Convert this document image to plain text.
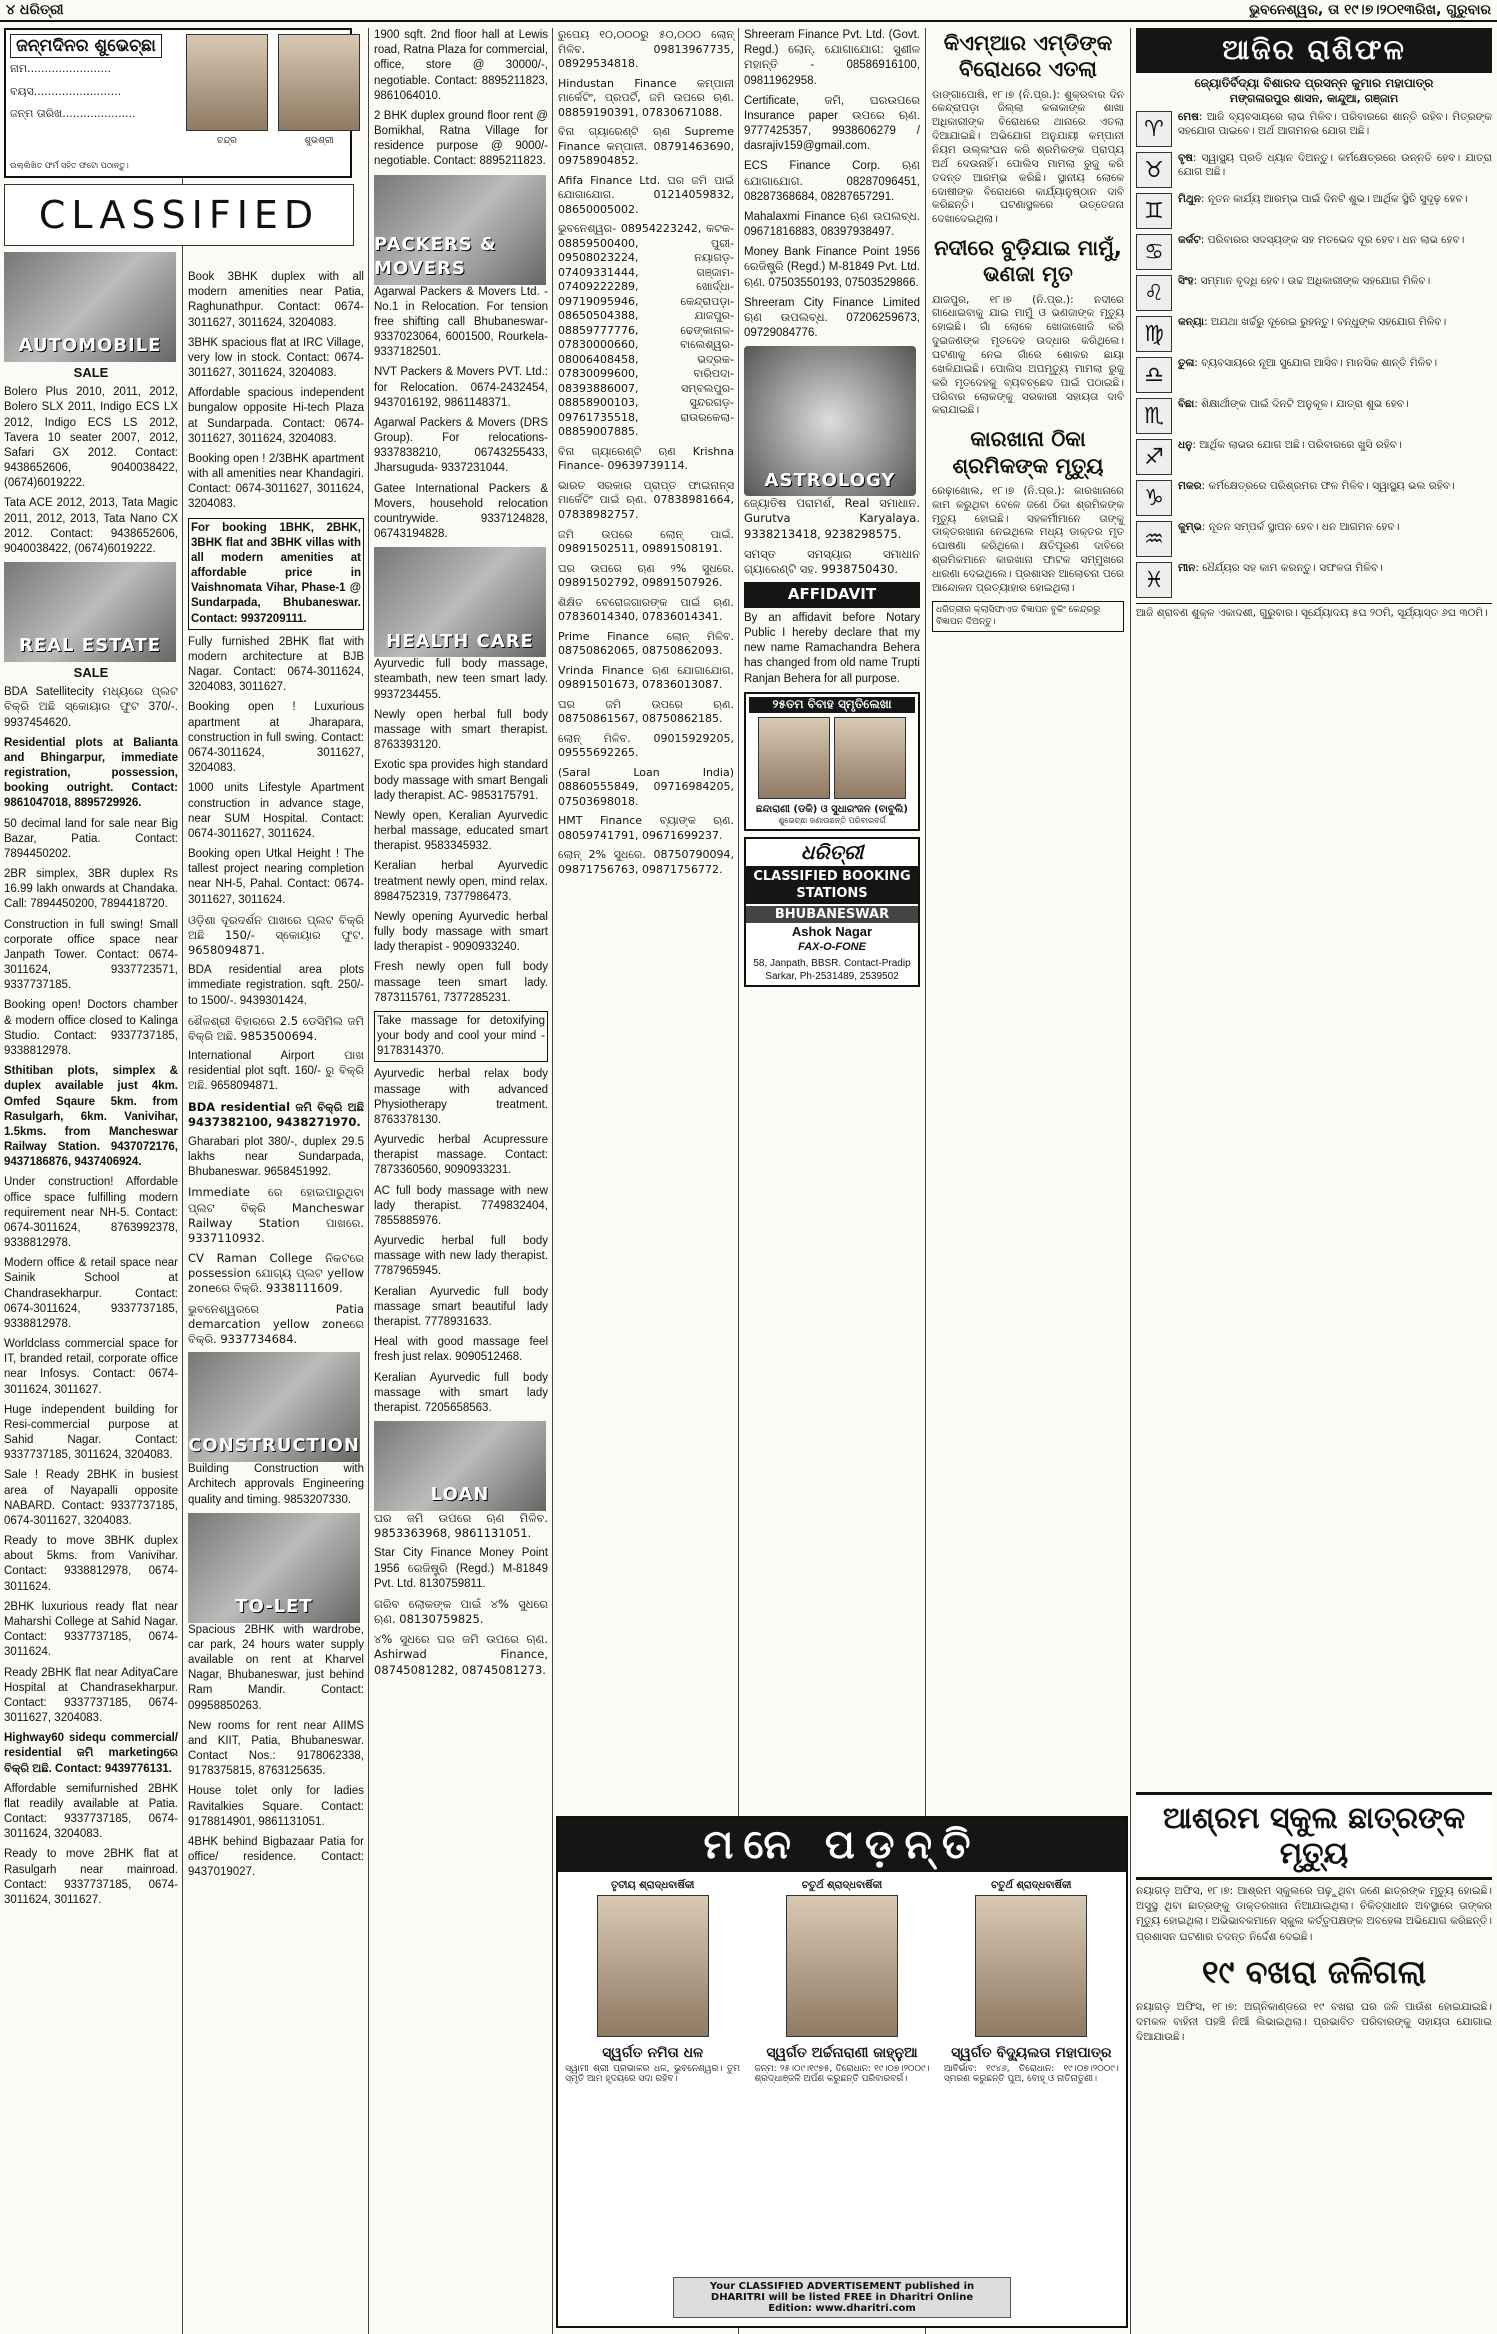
୪ ଧରିତ୍ରୀ	ଭୁବନେଶ୍ୱର, ତା ୧୯।୭।୨୦୧୩ରିଖ, ଗୁରୁବାର
ଜନ୍ମଦିନର ଶୁଭେଚ୍ଛା
ନାମ........................
ବୟସ.........................
ଜନ୍ମ ତାରିଖ.....................
ଚନ୍ଦ୍ର	ଶୁଭଶ୍ରୀ
ଉଲ୍ଲିଖିତ ଫର୍ମ ସହିତ ଫଟୋ ପଠାନ୍ତୁ।
CLASSIFIED
AUTOMOBILE
SALE
Bolero Plus 2010, 2011, 2012, Bolero SLX 2011, Indigo ECS LX 2012, Indigo ECS LS 2012, Tavera 10 seater 2007, 2012, Safari GX 2012. Contact: 9438652606, 9040038422, (0674)6019222.
Tata ACE 2012, 2013, Tata Magic 2011, 2012, 2013, Tata Nano CX 2012. Contact: 9438652606, 9040038422, (0674)6019222.
REAL ESTATE
SALE
BDA Satellitecity ମଧ୍ୟରେ ପ୍ଲଟ ବିକ୍ରି ଅଛି ସ୍କୋୟାର ଫୁଟ 370/-. 9937454620.
Residential plots at Balianta and Bhingarpur, immediate registration, possession, booking outright. Contact: 9861047018, 8895729926.
50 decimal land for sale near Big Bazar, Patia. Contact: 7894450202.
2BR simplex, 3BR duplex Rs 16.99 lakh onwards at Chandaka. Call: 7894450200, 7894418720.
Construction in full swing! Small corporate office space near Janpath Tower. Contact: 0674-3011624, 9337723571, 9337737185.
Booking open! Doctors chamber & modern office closed to Kalinga Studio. Contact: 9337737185, 9338812978.
Sthitiban plots, simplex & duplex available just 4km. Omfed Sqaure 5km. from Rasulgarh, 6km. Vanivihar, 1.5kms. from Mancheswar Railway Station. 9437072176, 9437186876, 9437406924.
Under construction! Affordable office space fulfilling modern requirement near NH-5. Contact: 0674-3011624, 8763992378, 9338812978.
Modern office & retail space near Sainik School at Chandrasekharpur. Contact: 0674-3011624, 9337737185, 9338812978.
Worldclass commercial space for IT, branded retail, corporate office near Infosys. Contact: 0674-3011624, 3011627.
Huge independent building for Resi-commercial purpose at Sahid Nagar. Contact: 9337737185, 3011624, 3204083.
Sale ! Ready 2BHK in busiest area of Nayapalli opposite NABARD. Contact: 9337737185, 0674-3011627, 3204083.
Ready to move 3BHK duplex about 5kms. from Vanivihar. Contact: 9338812978, 0674-3011624.
2BHK luxurious ready flat near Maharshi College at Sahid Nagar. Contact: 9337737185, 0674-3011624.
Ready 2BHK flat near AdityaCare Hospital at Chandrasekharpur. Contact: 9337737185, 0674-3011627, 3204083.
Highway60 sidequ commercial/ residential ଜମି marketingରେ ବିକ୍ରି ଅଛି. Contact: 9439776131.
Affordable semifurnished 2BHK flat readily available at Patia. Contact: 9337737185, 0674-3011624, 3204083.
Ready to move 2BHK flat at Rasulgarh near mainroad. Contact: 9337737185, 0674-3011624, 3011627.
Book 3BHK duplex with all modern amenities near Patia, Raghunathpur. Contact: 0674-3011627, 3011624, 3204083.
3BHK spacious flat at IRC Village, very low in stock. Contact: 0674-3011627, 3011624, 3204083.
Affordable spacious independent bungalow opposite Hi-tech Plaza at Sundarpada. Contact: 0674-3011627, 3011624, 3204083.
Booking open ! 2/3BHK apartment with all amenities near Khandagiri. Contact: 0674-3011627, 3011624, 3204083.
For booking 1BHK, 2BHK, 3BHK flat and 3BHK villas with all modern amenities at affordable price in Vaishnomata Vihar, Phase-1 @ Sundarpada, Bhubaneswar. Contact: 9937209111.
Fully furnished 2BHK flat with modern architecture at BJB Nagar. Contact: 0674-3011624, 3204083, 3011627.
Booking open ! Luxurious apartment at Jharapara, construction in full swing. Contact: 0674-3011624, 3011627, 3204083.
1000 units Lifestyle Apartment construction in advance stage, near SUM Hospital. Contact: 0674-3011627, 3011624.
Booking open Utkal Height ! The tallest project nearing completion near NH-5, Pahal. Contact: 0674-3011627, 3011624.
ଓଡ଼ିଶା ଦୂରଦର୍ଶନ ପାଖରେ ପ୍ଲଟ ବିକ୍ରି ଅଛି 150/- ସ୍କୋୟାର ଫୁଟ. 9658094871.
BDA residential area plots immediate registration. sqft. 250/- to 1500/-. 9439301424.
ଶୈଳଶ୍ରୀ ବିହାରରେ 2.5 ଡେସିମିଲ ଜମି ବିକ୍ରି ଅଛି. 9853500694.
International Airport ପାଖ residential plot sqft. 160/- ରୁ ବିକ୍ରି ଅଛି. 9658094871.
BDA residential ଜମି ବିକ୍ରି ଅଛି 9437382100, 9438271970.
Gharabari plot 380/-, duplex 29.5 lakhs near Sundarpada, Bhubaneswar. 9658451992.
Immediate ରେ ହୋଇପାରୁଥିବା ପ୍ଲଟ ବିକ୍ରି Mancheswar Railway Station ପାଖରେ. 9337110932.
CV Raman College ନିକଟରେ possession ଯୋଗ୍ୟ ପ୍ଲଟ yellow zoneରେ ବିକ୍ରି. 9338111609.
ଭୁବନେଶ୍ୱରରେ Patia demarcation yellow zoneରେ ବିକ୍ରି. 9337734684.
CONSTRUCTION
Building Construction with Architech approvals Engineering quality and timing. 9853207330.
TO-LET
Spacious 2BHK with wardrobe, car park, 24 hours water supply available on rent at Kharvel Nagar, Bhubaneswar, just behind Ram Mandir. Contact: 09958850263.
New rooms for rent near AIIMS and KIIT, Patia, Bhubaneswar. Contact Nos.: 9178062338, 9178375815, 8763125635.
House tolet only for ladies Ravitalkies Square. Contact: 9178814901, 9861131051.
4BHK behind Bigbazaar Patia for office/ residence. Contact: 9437019027.
1900 sqft. 2nd floor hall at Lewis road, Ratna Plaza for commercial, office, store @ 30000/-, negotiable. Contact: 8895211823, 9861064010.
2 BHK duplex ground floor rent @ Bomikhal, Ratna Village for residence purpose @ 9000/- negotiable. Contact: 8895211823.
PACKERS & MOVERS
Agarwal Packers & Movers Ltd. - No.1 in Relocation. For tension free shifting call Bhubaneswar- 9337023064, 6001500, Rourkela-9337182501.
NVT Packers & Movers PVT. Ltd.: for Relocation. 0674-2432454, 9437016192, 9861148371.
Agarwal Packers & Movers (DRS Group). For relocations- 9337838210, 06743255433, Jharsuguda- 9337231044.
Gatee International Packers & Movers, household relocation countrywide. 9337124828, 06743194828.
HEALTH CARE
Ayurvedic full body massage, steambath, new teen smart lady. 9937234455.
Newly open herbal full body massage with smart therapist. 8763393120.
Exotic spa provides high standard body massage with smart Bengali lady therapist. AC- 9853175791.
Newly open, Keralian Ayurvedic herbal massage, educated smart therapist. 9583345932.
Keralian herbal Ayurvedic treatment newly open, mind relax. 8984752319, 7377986473.
Newly opening Ayurvedic herbal fully body massage with smart lady therapist - 9090933240.
Fresh newly open full body massage teen smart lady. 7873115761, 7377285231.
Take massage for detoxifying your body and cool your mind - 9178314370.
Ayurvedic herbal relax body massage with advanced Physiotherapy treatment. 8763378130.
Ayurvedic herbal Acupressure therapist massage. Contact: 7873360560, 9090933231.
AC full body massage with new lady therapist. 7749832404, 7855885976.
Ayurvedic herbal full body massage with new lady therapist. 7787965945.
Keralian Ayurvedic full body massage smart beautiful lady therapist. 7778931633.
Heal with good massage feel fresh just relax. 9090512468.
Keralian Ayurvedic full body massage with smart lady therapist. 7205658563.
LOAN
ଘର ଜମି ଉପରେ ଋଣ ମିଳିବ. 9853363968, 9861131051.
Star City Finance Money Point 1956 ରେଜିଷ୍ଟ୍ରି (Regd.) M-81849 Pvt. Ltd. 8130759811.
ଗରିବ ଲୋକଙ୍କ ପାଇଁ ୪% ସୁଧରେ ଋଣ. 08130759825.
୪% ସୁଧରେ ଘର ଜମି ଉପରେ ଋଣ. Ashirwad Finance, 08745081282, 08745081273.
ରୁପେୟ ୧୦,୦୦୦ରୁ ୫୦,୦୦୦ ଲୋନ୍ ମିଳିବ. 09813967735, 08929534818.
Hindustan Finance କମ୍ପାନୀ ମାର୍କେଟିଂ, ପ୍ରପର୍ଟି, ଜମି ଉପରେ ଋଣ. 08859190391, 07830671088.
ବିନା ଗ୍ୟାରେଣ୍ଟି ଋଣ Supreme Finance କମ୍ପାନୀ. 08791463690, 09758904852.
Afifa Finance Ltd. ଘର ଜମି ପାଇଁ ଯୋଗାଯୋଗ. 01214059832, 08650005002.
ଭୁବନେଶ୍ୱର- 08954223242, କଟକ- 08859500400, ପୁରୀ- 09508023224, ନୟାଗଡ଼- 07409331444, ଗଞ୍ଜାମ- 07409222289, ଖୋର୍ଦ୍ଧା- 09719095946, କେନ୍ଦ୍ରାପଡ଼ା- 08650504388, ଯାଜପୁର- 08859777776, ଢେଙ୍କାନାଳ- 07830000660, ବାଲେଶ୍ୱର- 08006408458, ଭଦ୍ରକ- 07830099600, ବାରିପଦା- 08393886007, ସମ୍ବଲପୁର- 08858900103, ସୁନ୍ଦରଗଡ଼- 09761735518, ରାଉରକେଲା- 08859007885.
ବିନା ଗ୍ୟାରେଣ୍ଟି ଋଣ Krishna Finance- 09639739114.
ଭାରତ ସରକାର ପ୍ରାପ୍ତ ଫାଇନାନ୍ସ ମାର୍କେଟିଂ ପାଇଁ ଋଣ. 07838981664, 07838982757.
ଜମି ଉପରେ ଲୋନ୍ ପାଇଁ. 09891502511, 09891508191.
ଘର ଉପରେ ଋଣ ୨% ସୁଧରେ. 09891502792, 09891507926.
ଶିକ୍ଷିତ ବେରୋଜଗାରଙ୍କ ପାଇଁ ଋଣ. 07836014340, 07836014341.
Prime Finance ଲୋନ୍ ମିଳିବ. 08750862065, 08750862093.
Vrinda Finance ଋଣ ଯୋଗାଯୋଗ. 09891501673, 07836013087.
ଘର ଜମି ଉପରେ ଋଣ. 08750861567, 08750862185.
ଲୋନ୍ ମିଳିବ. 09015929205, 09555692265.
(Saral Loan India) 08860555849, 09716984205, 07503698018.
HMT Finance ବ୍ୟାଙ୍କ ଋଣ. 08059741791, 09671699237.
ଲୋନ୍ 2% ସୁଧରେ. 08750790094, 09871756763, 09871756772.
Shreeram Finance Pvt. Ltd. (Govt. Regd.) ଲୋନ୍. ଯୋଗାଯୋଗ: ସୁଶୀଳ ମହାନ୍ତି - 08586916100, 09811962958.
Certificate, ଜମି, ଘରଉପରେ Insurance paper ଉପରେ ଋଣ. 9777425357, 9938606279 / dasrajiv159@gmail.com.
ECS Finance Corp. ଋଣ ଯୋଗାଯୋଗ. 08287096451, 08287368684, 08287657291.
Mahalaxmi Finance ଋଣ ଉପଲବ୍ଧ. 09671816883, 08397938497.
Money Bank Finance Point 1956 ରେଜିଷ୍ଟ୍ରି (Regd.) M-81849 Pvt. Ltd. ଋଣ. 07503550193, 07503529866.
Shreeram City Finance Limited ଋଣ ଉପଲବ୍ଧ. 07206259673, 09729084776.
ASTROLOGY
ଜ୍ୟୋତିଷ ପରାମର୍ଶ, Real ସମାଧାନ. Gurutva Karyalaya. 9338213418, 9238298575.
ସମସ୍ତ ସମସ୍ୟାର ସମାଧାନ ଗ୍ୟାରେଣ୍ଟି ସହ. 9938750430.
AFFIDAVIT
By an affidavit before Notary Public I hereby declare that my new name Ramachandra Behera has changed from old name Trupti Ranjan Behera for all purpose.
୨୫ତମ ବିବାହ ସ୍ମୃତିଲେଖା
ଛନ୍ଦାରାଣୀ (ଡକି) ଓ ସୁଧାରଂଜନ (ବାବୁଲି)
ଶୁଭେଚ୍ଛା ଜଣାଉଛନ୍ତି ପରିବାରବର୍ଗ
ଧରିତ୍ରୀ
CLASSIFIED BOOKING STATIONS
BHUBANESWAR
Ashok Nagar
FAX-O-FONE
58, Janpath, BBSR. Contact-Pradip Sarkar, Ph-2531489, 2539502
କିଏମ୍‌ଆର ଏମ୍‌ଡିଙ୍କ ବିରୋଧରେ ଏତଲା
ଡାଙ୍ଗାପୋଷି, ୧୮।୭ (ନି.ପ୍ର.): ଶୁକ୍ରବାର ଦିନ କେନ୍ଦ୍ରାପଡ଼ା ଜିଲ୍ଲା କଳାକାଙ୍କ ଶାଖା ଅଧିକାରୀଙ୍କ ବିରୋଧରେ ଥାନାରେ ଏତଲା ଦିଆଯାଇଛି। ଅଭିଯୋଗ ଅନୁଯାୟୀ କମ୍ପାନୀ ନିୟମ ଉଲ୍ଲଂଘନ କରି ଶ୍ରମିକଙ୍କ ପ୍ରାପ୍ୟ ଅର୍ଥ ଦେଉନାହିଁ। ପୋଲିସ ମାମଲା ରୁଜୁ କରି ତଦନ୍ତ ଆରମ୍ଭ କରିଛି। ସ୍ଥାନୀୟ ଲୋକେ ଦୋଷୀଙ୍କ ବିରୋଧରେ କାର୍ଯ୍ୟାନୁଷ୍ଠାନ ଦାବି କରିଛନ୍ତି। ଘଟଣାସ୍ଥଳରେ ଉତ୍ତେଜନା ଦେଖାଦେଇଥିଲା।
ନଦୀରେ ବୁଡ଼ିଯାଇ ମାମୁଁ, ଭଣଜା ମୃତ
ଯାଜପୁର, ୧୮।୭ (ନି.ପ୍ର.): ନଦୀରେ ଗାଧୋଇବାକୁ ଯାଇ ମାମୁଁ ଓ ଭଣଜାଙ୍କ ମୃତ୍ୟୁ ହୋଇଛି। ଗାଁ ଲୋକେ ଖୋଜାଖୋଜି କରି ଦୁଇଜଣଙ୍କ ମୃତଦେହ ଉଦ୍ଧାର କରିଥିଲେ। ଘଟଣାକୁ ନେଇ ଗାଁରେ ଶୋକର ଛାୟା ଖେଳିଯାଇଛି। ପୋଲିସ ଅପମୃତ୍ୟୁ ମାମଲା ରୁଜୁ କରି ମୃତଦେହକୁ ବ୍ୟବଚ୍ଛେଦ ପାଇଁ ପଠାଇଛି। ପରିବାର ଲୋକଙ୍କୁ ସରକାରୀ ସହାୟତା ଦାବି କରାଯାଇଛି।
କାରଖାନା ଠିକା ଶ୍ରମିକଙ୍କ ମୃତ୍ୟୁ
ରେଢ଼ାଖୋଲ, ୧୮।୭ (ନି.ପ୍ର.): କାରଖାନାରେ କାମ କରୁଥିବା ବେଳେ ଜଣେ ଠିକା ଶ୍ରମିକଙ୍କ ମୃତ୍ୟୁ ହୋଇଛି। ସହକର୍ମୀମାନେ ତାଙ୍କୁ ଡାକ୍ତରଖାନା ନେଇଥିଲେ ମଧ୍ୟ ଡାକ୍ତର ମୃତ ଘୋଷଣା କରିଥିଲେ। କ୍ଷତିପୂରଣ ଦାବିରେ ଶ୍ରମିକମାନେ କାରଖାନା ଫାଟକ ସମ୍ମୁଖରେ ଧାରଣା ଦେଇଥିଲେ। ପ୍ରଶାସନ ଆଲୋଚନା ପରେ ଆନ୍ଦୋଳନ ପ୍ରତ୍ୟାହାର ହୋଇଥିଲା।
ଧରିତ୍ରୀର କ୍ଲାସିଫାଏଡ ବିଜ୍ଞାପନ ବୁକିଂ କେନ୍ଦ୍ରରୁ ବିଜ୍ଞାପନ ଦିଅନ୍ତୁ।
ଆଜିର ରାଶିଫଳ
ଜ୍ୟୋତିର୍ବିଦ୍ୟା ବିଶାରଦ ପ୍ରସନ୍ନ କୁମାର ମହାପାତ୍ର
ମଙ୍ଗଳାରପୁର ଶାସନ, କାନ୍ଦୁଆ, ଗଞ୍ଜାମ
♈	ମେଷ: ଆଜି ବ୍ୟବସାୟରେ ଲାଭ ମିଳିବ। ପରିବାରରେ ଶାନ୍ତି ରହିବ। ମିତ୍ରଙ୍କ ସହଯୋଗ ପାଇବେ। ଅର୍ଥ ଆଗମନର ଯୋଗ ଅଛି।
♉	ବୃଷ: ସ୍ୱାସ୍ଥ୍ୟ ପ୍ରତି ଧ୍ୟାନ ଦିଅନ୍ତୁ। କର୍ମକ୍ଷେତ୍ରରେ ଉନ୍ନତି ହେବ। ଯାତ୍ରା ଯୋଗ ଅଛି।
♊	ମିଥୁନ: ନୂତନ କାର୍ଯ୍ୟ ଆରମ୍ଭ ପାଇଁ ଦିନଟି ଶୁଭ। ଆର୍ଥିକ ସ୍ଥିତି ସୁଦୃଢ଼ ହେବ।
♋	କର୍କଟ: ପରିବାରର ସଦସ୍ୟଙ୍କ ସହ ମତଭେଦ ଦୂର ହେବ। ଧନ ଲାଭ ହେବ।
♌	ସିଂହ: ସମ୍ମାନ ବୃଦ୍ଧି ହେବ। ଉଚ୍ଚ ଅଧିକାରୀଙ୍କ ସହଯୋଗ ମିଳିବ।
♍	କନ୍ୟା: ଅଯଥା ଖର୍ଚ୍ଚରୁ ଦୂରେଇ ରୁହନ୍ତୁ। ବନ୍ଧୁଙ୍କ ସହଯୋଗ ମିଳିବ।
♎	ତୁଳା: ବ୍ୟବସାୟରେ ନୂଆ ସୁଯୋଗ ଆସିବ। ମାନସିକ ଶାନ୍ତି ମିଳିବ।
♏	ବିଛା: ଶିକ୍ଷାର୍ଥୀଙ୍କ ପାଇଁ ଦିନଟି ଅନୁକୂଳ। ଯାତ୍ରା ଶୁଭ ହେବ।
♐	ଧନୁ: ଆର୍ଥିକ ଲାଭର ଯୋଗ ଅଛି। ପରିବାରରେ ଖୁସି ରହିବ।
♑	ମକର: କର୍ମକ୍ଷେତ୍ରରେ ପରିଶ୍ରମର ଫଳ ମିଳିବ। ସ୍ୱାସ୍ଥ୍ୟ ଭଲ ରହିବ।
♒	କୁମ୍ଭ: ନୂତନ ସମ୍ପର୍କ ସ୍ଥାପନ ହେବ। ଧନ ଆଗମନ ହେବ।
♓	ମୀନ: ଧୈର୍ଯ୍ୟର ସହ କାମ କରନ୍ତୁ। ସଫଳତା ମିଳିବ।
ଆଜି ଶ୍ରାବଣ ଶୁକ୍ଳ ଏକାଦଶୀ, ଗୁରୁବାର। ସୂର୍ଯ୍ୟୋଦୟ ୫ଘ ୨୦ମି, ସୂର୍ଯ୍ୟାସ୍ତ ୬ଘ ୩୦ମି।
ଆଶ୍ରମ ସ୍କୁଲ ଛାତ୍ରଙ୍କ ମୃତ୍ୟୁ
ନୟାଗଡ଼ ଅଫିସ, ୧୮।୭: ଆଶ୍ରମ ସ୍କୁଲରେ ପଢ଼ୁଥିବା ଜଣେ ଛାତ୍ରଙ୍କ ମୃତ୍ୟୁ ହୋଇଛି। ଅସୁସ୍ଥ ଥିବା ଛାତ୍ରଙ୍କୁ ଡାକ୍ତରଖାନା ନିଆଯାଇଥିଲା। ଚିକିତ୍ସାଧୀନ ଅବସ୍ଥାରେ ତାଙ୍କର ମୃତ୍ୟୁ ହୋଇଥିଲା। ଅଭିଭାବକମାନେ ସ୍କୁଲ କର୍ତ୍ତୃପକ୍ଷଙ୍କ ଅବହେଳା ଅଭିଯୋଗ କରିଛନ୍ତି। ପ୍ରଶାସନ ଘଟଣାର ତଦନ୍ତ ନିର୍ଦ୍ଦେଶ ଦେଇଛି।
୧୯ ବଖରା ଜଳିଗଲା
ନୟାଗଡ଼ ଅଫିସ, ୧୮।୭: ଅଗ୍ନିକାଣ୍ଡରେ ୧୯ ବଖରା ଘର ଜଳି ପାଉଁଶ ହୋଇଯାଇଛି। ଦମକଳ ବାହିନୀ ପହଞ୍ଚି ନିଆଁ ଲିଭାଇଥିଲା। ପ୍ରଭାବିତ ପରିବାରଙ୍କୁ ସହାୟତା ଯୋଗାଇ ଦିଆଯାଉଛି।
ମନେ ପଡ଼ନ୍ତି
ତୃତୀୟ ଶ୍ରାଦ୍ଧବାର୍ଷିକୀ
ସ୍ୱର୍ଗତ ନମିତା ଧଳ
ସ୍ୱାମୀ ଶ୍ରୀ ପ୍ରଭାକର ଧଳ, ଭୁବନେଶ୍ୱର। ତୁମ ସ୍ମୃତି ଆମ ହୃଦୟରେ ସଦା ରହିବ।
ଚତୁର୍ଥ ଶ୍ରାଦ୍ଧବାର୍ଷିକୀ
ସ୍ୱର୍ଗତ ଅର୍ଚ୍ଚନାରାଣୀ ଜାହ୍ନୁଆ
ଜନ୍ମ: ୨୫।୦୯।୧୯୭୫, ତିରୋଧାନ: ୧୯।୦୭।୨୦୦୯। ଶ୍ରଦ୍ଧାଞ୍ଜଳି ଅର୍ପଣ କରୁଛନ୍ତି ପରିବାରବର୍ଗ।
ଚତୁର୍ଥ ଶ୍ରାଦ୍ଧବାର୍ଷିକୀ
ସ୍ୱର୍ଗତ ବିଦ୍ୟୁଲତା ମହାପାତ୍ର
ଆବିର୍ଭାବ: ୧୯୪୬, ତିରୋଧାନ: ୧୯।୦୭।୨୦୦୯। ସ୍ମରଣ କରୁଛନ୍ତି ପୁଅ, ବୋହୂ ଓ ନାତିନାତୁଣୀ।
Your CLASSIFIED ADVERTISEMENT published in
DHARITRI will be listed FREE in Dharitri Online
Edition: www.dharitri.com
